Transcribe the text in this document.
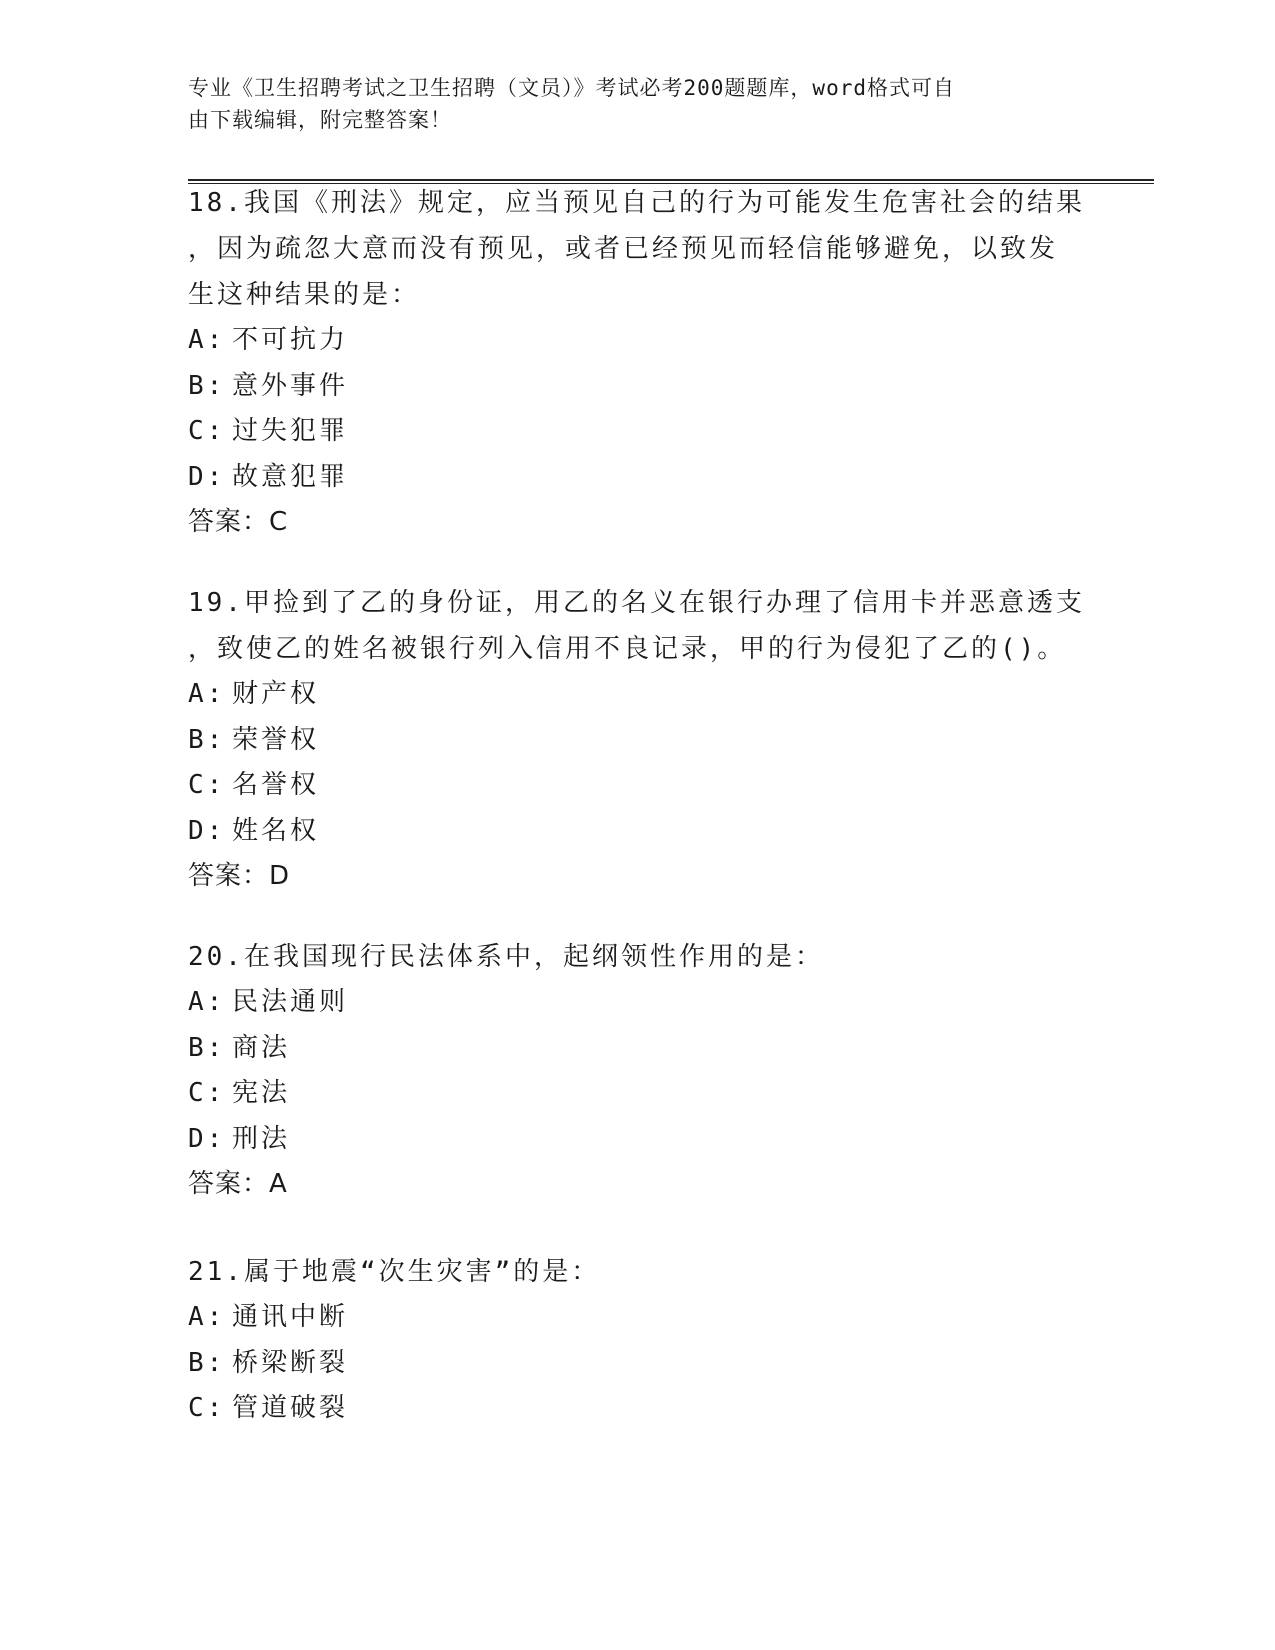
专业《卫生招聘考试之卫生招聘（文员）》考试必考200题题库，word格式可自
由下载编辑，附完整答案！
18.我国《刑法》规定，应当预见自己的行为可能发生危害社会的结果
，因为疏忽大意而没有预见，或者已经预见而轻信能够避免，以致发
生这种结果的是：
A: 不可抗力
B: 意外事件
C: 过失犯罪
D: 故意犯罪
答案：C
19.甲捡到了乙的身份证，用乙的名义在银行办理了信用卡并恶意透支
，致使乙的姓名被银行列入信用不良记录，甲的行为侵犯了乙的()。
A: 财产权
B: 荣誉权
C: 名誉权
D: 姓名权
答案：D
20.在我国现行民法体系中，起纲领性作用的是：
A: 民法通则
B: 商法
C: 宪法
D: 刑法
答案：A
21.属于地震“次生灾害”的是：
A: 通讯中断
B: 桥梁断裂
C: 管道破裂
